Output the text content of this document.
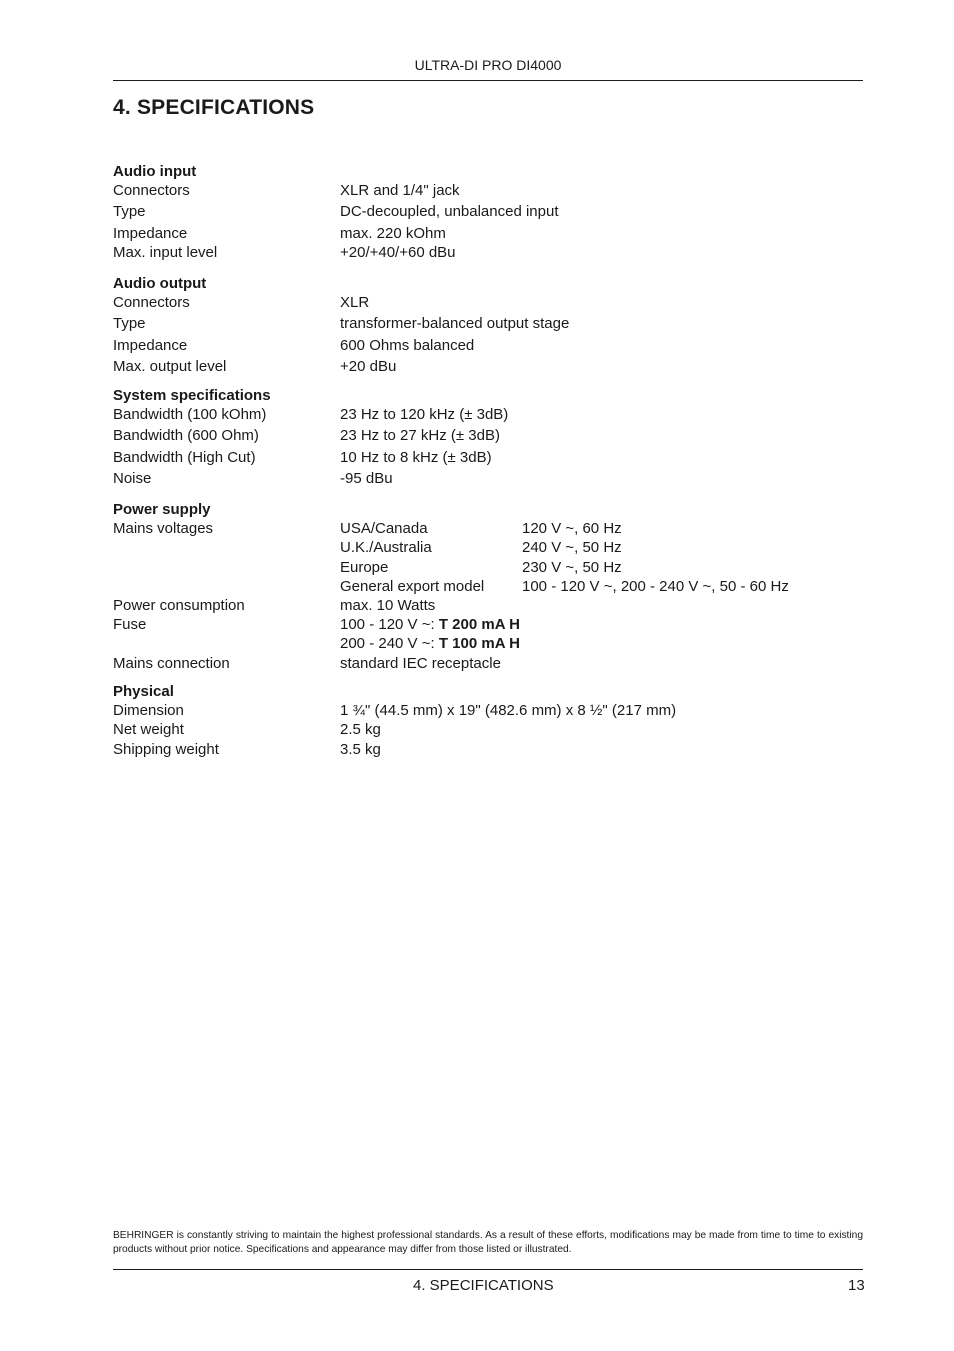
ULTRA-DI PRO DI4000
4. SPECIFICATIONS
Audio input
Connectors	XLR and 1/4" jack
Type	DC-decoupled, unbalanced input
Impedance	max. 220 kOhm
Max. input level	+20/+40/+60 dBu
Audio output
Connectors	XLR
Type	transformer-balanced output stage
Impedance	600 Ohms balanced
Max. output level	+20 dBu
System specifications
Bandwidth (100 kOhm)	23 Hz to 120 kHz (± 3dB)
Bandwidth (600 Ohm)	23 Hz to 27 kHz (± 3dB)
Bandwidth (High Cut)	10 Hz to 8 kHz (± 3dB)
Noise	-95 dBu
Power supply
Mains voltages	USA/Canada	120 V ~, 60 Hz
U.K./Australia	240 V ~, 50 Hz
Europe	230 V ~, 50 Hz
General export model	100 - 120 V ~, 200 - 240 V ~, 50 - 60 Hz
Power consumption	max. 10 Watts
Fuse	100 - 120 V ~: T 200 mA H
200 - 240 V ~: T 100 mA H
Mains connection	standard IEC receptacle
Physical
Dimension	1 ¾" (44.5 mm) x 19" (482.6 mm) x 8 ½" (217 mm)
Net weight	2.5 kg
Shipping weight	3.5 kg
BEHRINGER is constantly striving to maintain the highest professional standards. As a result of these efforts, modifications may be made from time to time to existing products without prior notice. Specifications and appearance may differ from those listed or illustrated.
4. SPECIFICATIONS	13
